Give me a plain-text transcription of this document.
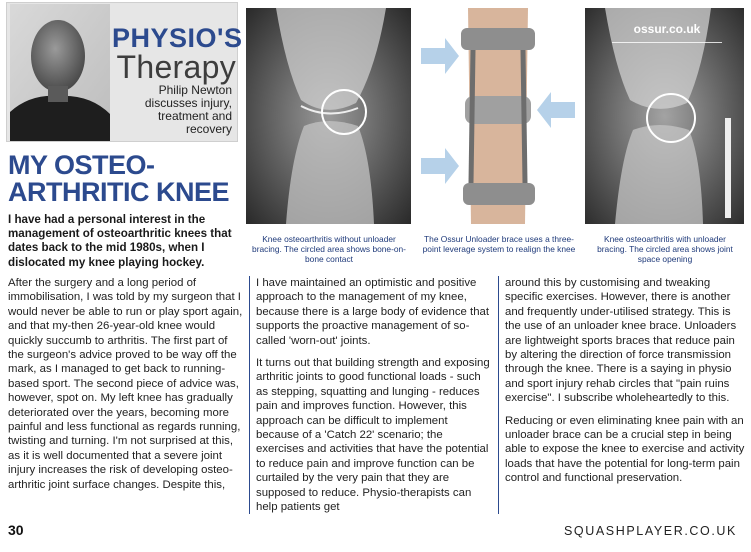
PHYSIO'S
Therapy
Philip Newton
discusses injury,
treatment and
recovery
MY OSTEO-
ARTHRITIC KNEE
I have had a personal interest in the management of osteoarthritic knees that dates back to the mid 1980s, when I dislocated my knee playing hockey.
ossur.co.uk
Knee osteoarthritis without unloader bracing. The circled area shows bone-on-bone contact
The Ossur Unloader brace uses a three-point leverage system to realign the knee
Knee osteoarthritis with unloader bracing. The circled area shows joint space opening

After the surgery and a long period of immobilisation, I was told by my surgeon that I would never be able to run or play sport again, and that my-then 26-year-old knee would quickly succumb to arthritis. The first part of the surgeon's advice proved to be way off the mark, as I managed to get back to running-based sport. The second piece of advice was, however, spot on. My left knee has gradually deteriorated over the years, becoming more painful and less functional as regards running, twisting and turning. I'm not surprised at this, as it is well documented that a severe joint injury increases the risk of developing osteo-arthritic joint surface changes. Despite this,

I have maintained an optimistic and positive approach to the management of my knee, because there is a large body of evidence that supports the proactive management of so-called 'worn-out' joints.

It turns out that building strength and exposing arthritic joints to good functional loads - such as stepping, squatting and lunging - reduces pain and improves function. However, this approach can be difficult to implement because of a 'Catch 22' scenario; the exercises and activities that have the potential to reduce pain and improve function can be curtailed by the very pain that they are supposed to reduce. Physio-therapists can help patients get

around this by customising and tweaking specific exercises. However, there is another and frequently under-utilised strategy. This is the use of an unloader knee brace. Unloaders are lightweight sports braces that reduce pain by altering the direction of force transmission through the knee. There is a saying in physio and sport injury rehab circles that "pain ruins exercise". I subscribe wholeheartedly to this.

Reducing or even eliminating knee pain with an unloader brace can be a crucial step in being able to expose the knee to exercise and activity loads that have the potential for long-term pain control and functional preservation.

30	SQUASHPLAYER.CO.UK
